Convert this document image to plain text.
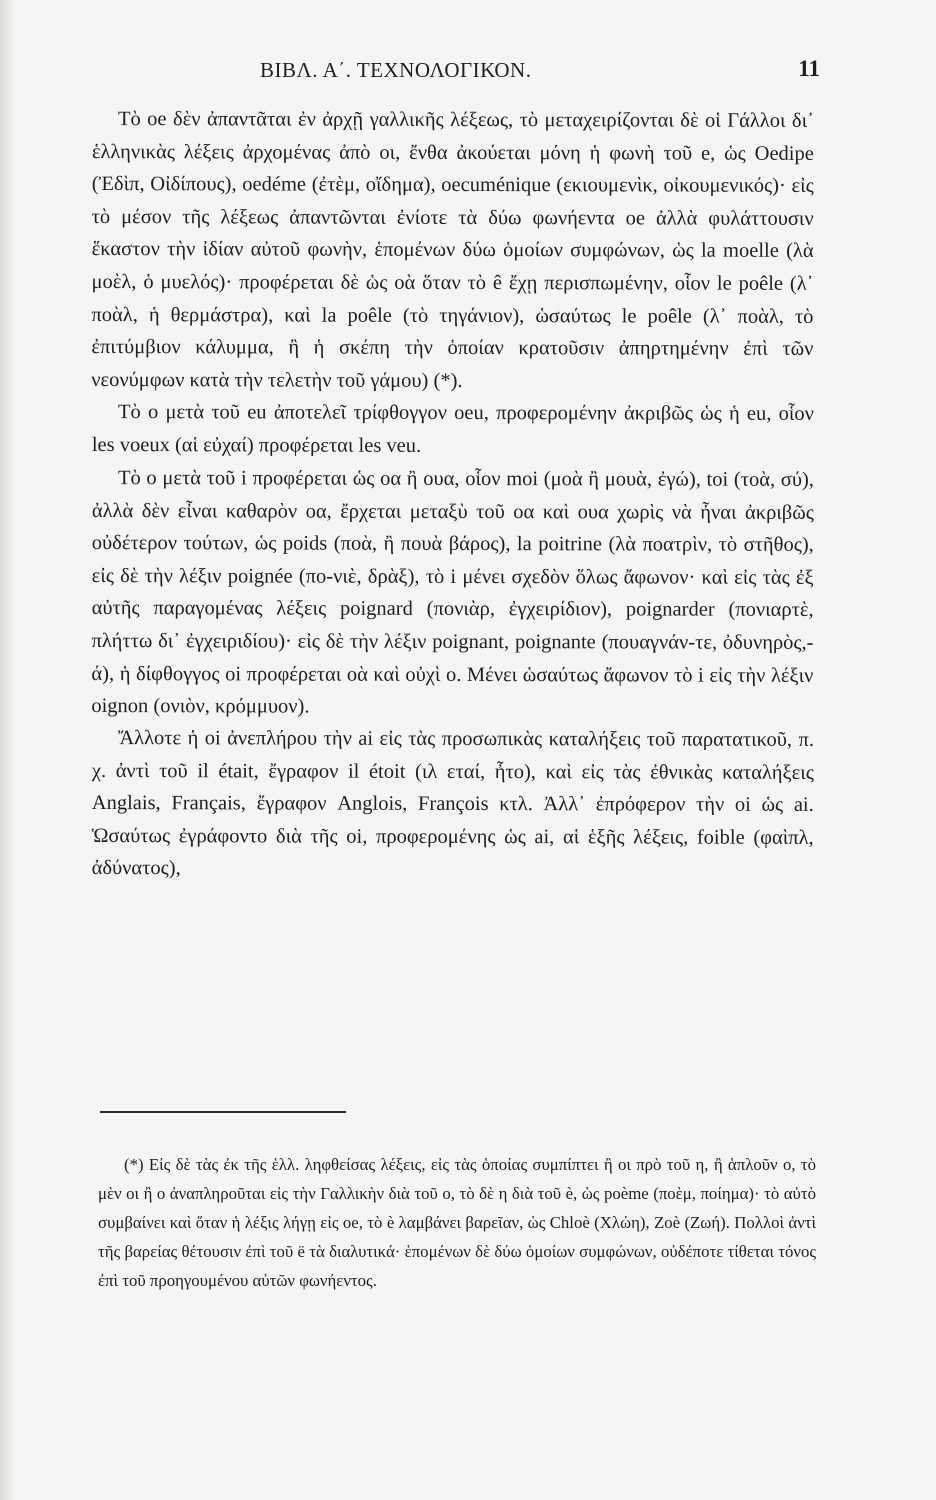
ΒΙΒΛ. Α΄. ΤΕΧΝΟΛΟΓΙΚΟΝ.	11

Τὸ oe δὲν ἀπαντᾶται ἐν ἀρχῇ γαλλικῆς λέξεως, τὸ μεταχειρίζονται δὲ οἱ Γάλλοι δι᾽ ἑλληνικὰς λέξεις ἀρχομένας ἀπὸ οι, ἔνθα ἀκούεται μόνη ἡ φωνὴ τοῦ e, ὡς Oedipe (Ἐδὶπ, Οἰδίπους), oedéme (ἐτὲμ, οἴδημα), oecuménique (εκιουμενὶκ, οἰκουμενικός)· εἰς τὸ μέσον τῆς λέξεως ἀπαντῶνται ἐνίοτε τὰ δύω φωνήεντα oe ἀλλὰ φυλάττουσιν ἕκαστον τὴν ἰδίαν αὐτοῦ φωνὴν, ἑπομένων δύω ὁμοίων συμφώνων, ὡς la moelle (λὰ μοὲλ, ὁ μυελός)· προφέρεται δὲ ὡς οὰ ὅταν τὸ ê ἔχῃ περισπωμένην, οἷον le poêle (λ᾽ ποὰλ, ἡ θερμάστρα), καὶ la poêle (τὸ τηγάνιον), ὡσαύτως le poêle (λ᾽ ποὰλ, τὸ ἐπιτύμβιον κάλυμμα, ἢ ἡ σκέπη τὴν ὁποίαν κρατοῦσιν ἀπηρτημένην ἐπὶ τῶν νεονύμφων κατὰ τὴν τελετὴν τοῦ γάμου) (*).

Τὸ o μετὰ τοῦ eu ἀποτελεῖ τρίφθογγον oeu, προφερομένην ἀκριβῶς ὡς ἡ eu, οἷον les voeux (αἱ εὐχαί) προφέρεται les veu.

Τὸ o μετὰ τοῦ i προφέρεται ὡς οα ἢ ουα, οἷον moi (μοὰ ἢ μουὰ, ἐγώ), toi (τοὰ, σύ), ἀλλὰ δὲν εἶναι καθαρὸν οα, ἔρχεται μεταξὺ τοῦ οα καὶ ουα χωρὶς νὰ ἦναι ἀκριβῶς οὐδέτερον τούτων, ὡς poids (ποὰ, ἢ πουὰ βάρος), la poitrine (λὰ ποατρὶν, τὸ στῆθος), εἰς δὲ τὴν λέξιν poignée (πο-νιὲ, δρὰξ), τὸ i μένει σχεδὸν ὅλως ἄφωνον· καὶ εἰς τὰς ἐξ αὐτῆς παραγομένας λέξεις poignard (πονιὰρ, ἐγχειρίδιον), poignarder (πονιαρτὲ, πλήττω δι᾽ ἐγχειριδίου)· εἰς δὲ τὴν λέξιν poignant, poignante (πουαγνάν-τε, ὀδυνηρὸς,-ά), ἡ δίφθογγος oi προφέρεται οὰ καὶ οὐχὶ ο. Μένει ὡσαύτως ἄφωνον τὸ i εἰς τὴν λέξιν oignon (ονιὸν, κρόμμυον).

Ἄλλοτε ἡ oi ἀνεπλήρου τὴν ai εἰς τὰς προσωπικὰς καταλήξεις τοῦ παρατατικοῦ, π. χ. ἀντὶ τοῦ il était, ἔγραφον il étoit (ιλ εταί, ἦτο), καὶ εἰς τὰς ἐθνικὰς καταλήξεις Anglais, Français, ἔγραφον Anglois, François κτλ. Ἀλλ᾽ ἐπρόφερον τὴν oi ὡς ai. Ὡσαύτως ἐγράφοντο διὰ τῆς oi, προφερομένης ὡς ai, αἱ ἑξῆς λέξεις, foible (φαὶπλ, ἀδύνατος),

(*) Εἰς δὲ τὰς ἐκ τῆς ἑλλ. ληφθείσας λέξεις, εἰς τὰς ὁποίας συμπίπτει ἢ οι πρὸ τοῦ η, ἢ ἁπλοῦν ο, τὸ μὲν οι ἢ ο ἀναπληροῦται εἰς τὴν Γαλλικὴν διὰ τοῦ o, τὸ δὲ η διὰ τοῦ è, ὡς poème (ποὲμ, ποίημα)· τὸ αὐτὸ συμβαίνει καὶ ὅταν ἡ λέξις λήγῃ εἰς oe, τὸ è λαμβάνει βαρεῖαν, ὡς Chloè (Χλώη), Zoè (Ζωή). Πολλοὶ ἀντὶ τῆς βαρείας θέτουσιν ἐπὶ τοῦ ë τὰ διαλυτικά· ἑπομένων δὲ δύω ὁμοίων συμφώνων, οὐδέποτε τίθεται τόνος ἐπὶ τοῦ προηγουμένου αὐτῶν φωνήεντος.
